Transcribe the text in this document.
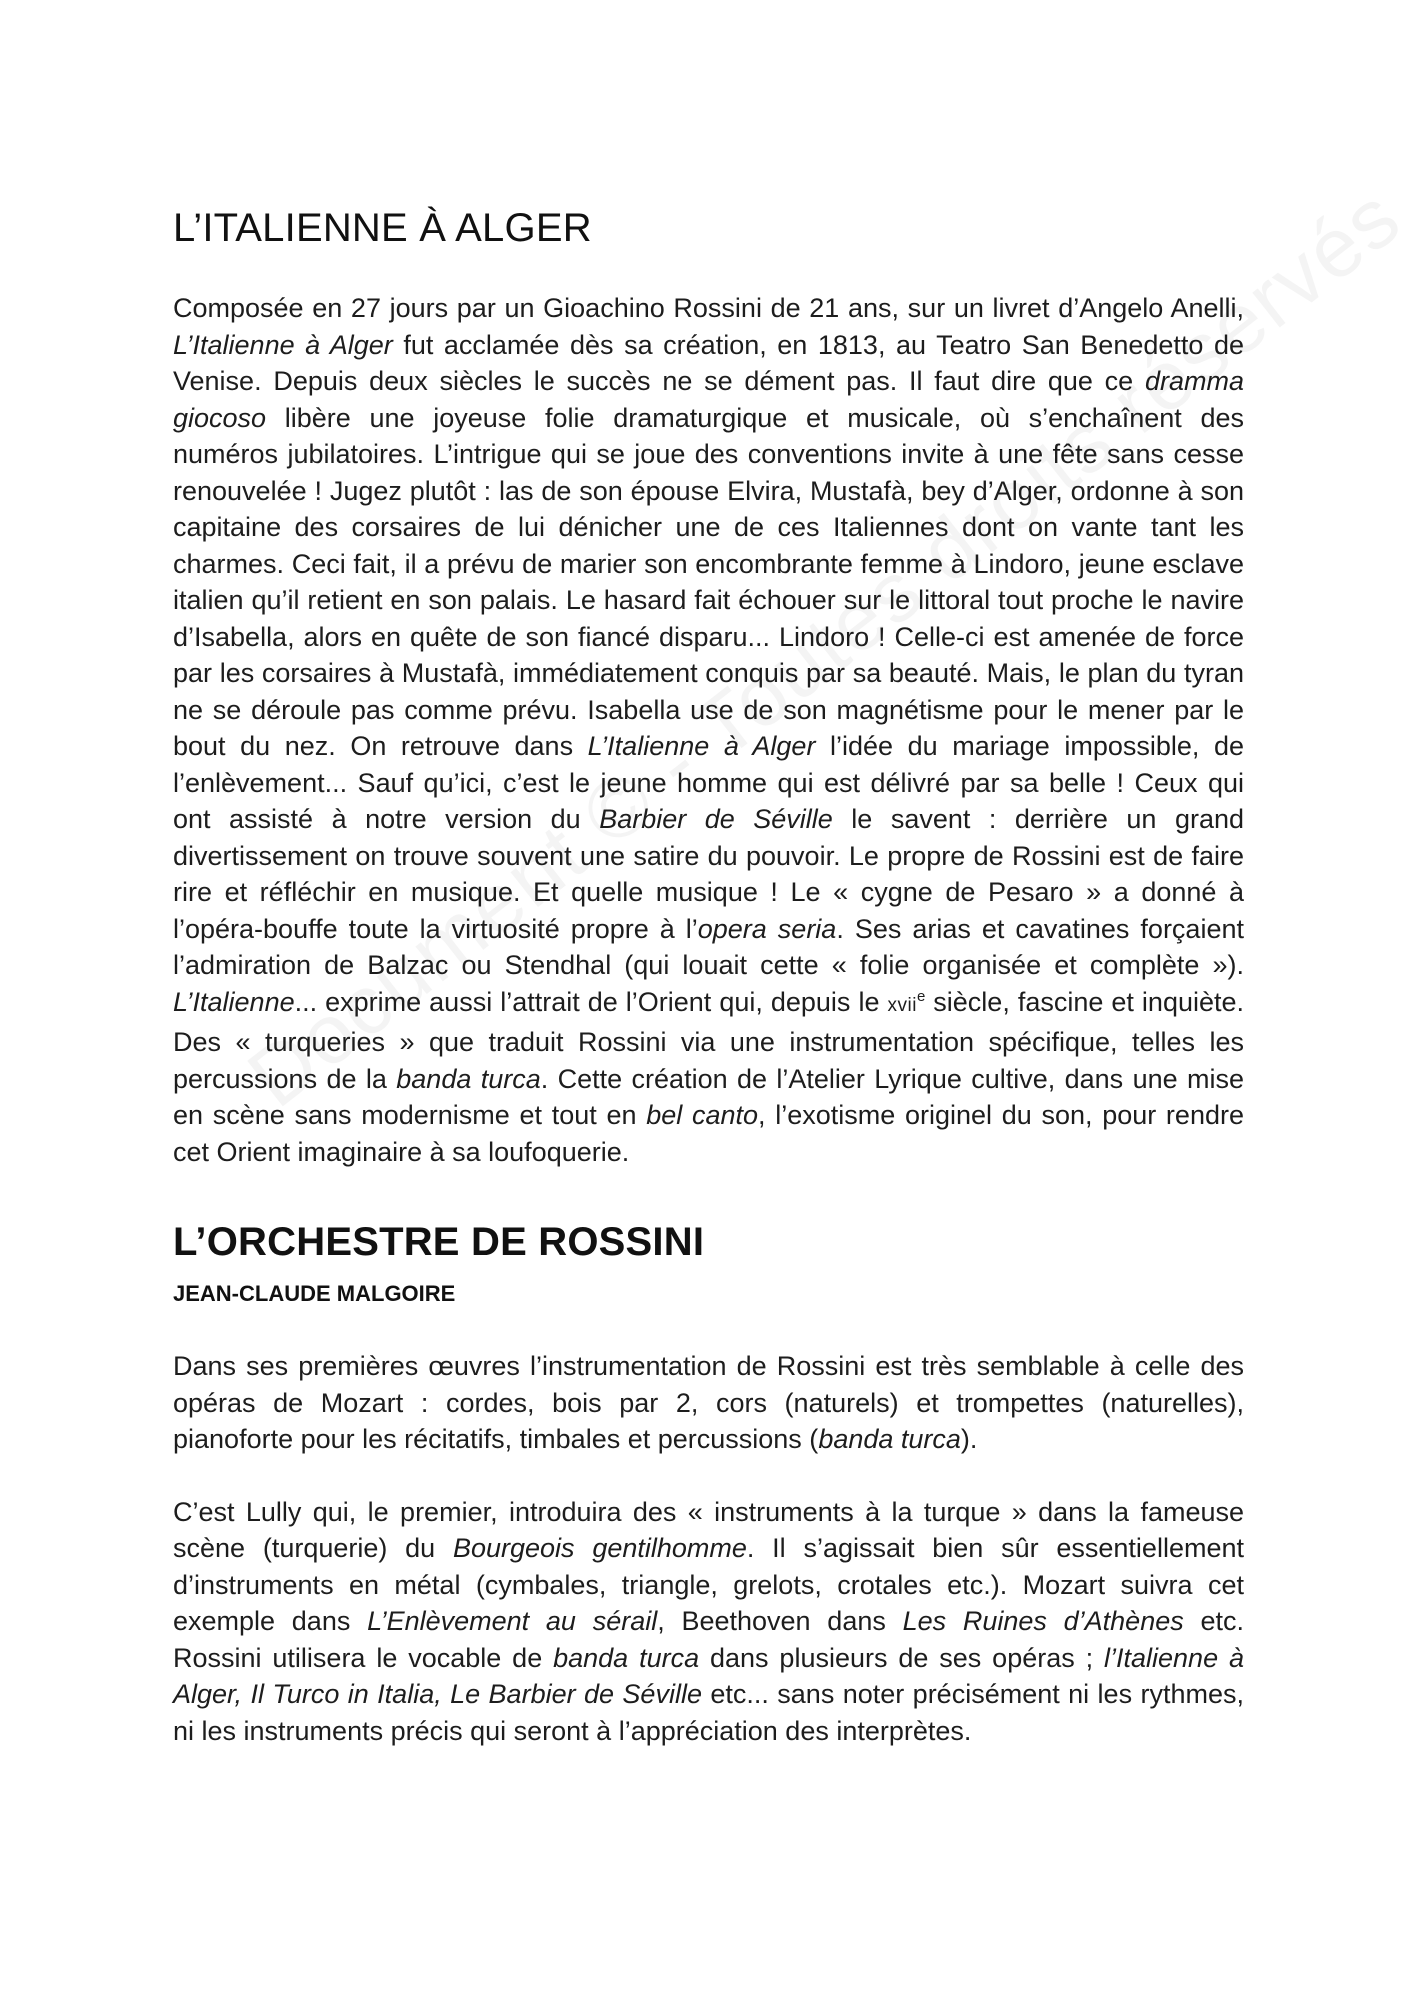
L’ITALIENNE À ALGER

Composée en 27 jours par un Gioachino Rossini de 21 ans, sur un livret d’Angelo Anelli, L’Italienne à Alger fut acclamée dès sa création, en 1813, au Teatro San Benedetto de Venise. Depuis deux siècles le succès ne se dément pas. Il faut dire que ce dramma giocoso libère une joyeuse folie dramaturgique et musicale, où s’enchaînent des numéros jubilatoires. L’intrigue qui se joue des conventions invite à une fête sans cesse renouvelée ! Jugez plutôt : las de son épouse Elvira, Mustafà, bey d’Alger, ordonne à son capitaine des corsaires de lui dénicher une de ces Italiennes dont on vante tant les charmes. Ceci fait, il a prévu de marier son encombrante femme à Lindoro, jeune esclave italien qu’il retient en son palais. Le hasard fait échouer sur le littoral tout proche le navire d’Isabella, alors en quête de son fiancé disparu... Lindoro ! Celle-ci est amenée de force par les corsaires à Mustafà, immédiatement conquis par sa beauté. Mais, le plan du tyran ne se déroule pas comme prévu. Isabella use de son magnétisme pour le mener par le bout du nez. On retrouve dans L’Italienne à Alger l’idée du mariage impossible, de l’enlèvement... Sauf qu’ici, c’est le jeune homme qui est délivré par sa belle ! Ceux qui ont assisté à notre version du Barbier de Séville le savent : derrière un grand divertissement on trouve souvent une satire du pouvoir. Le propre de Rossini est de faire rire et réfléchir en musique. Et quelle musique ! Le « cygne de Pesaro » a donné à l’opéra-bouffe toute la virtuosité propre à l’opera seria. Ses arias et cavatines forçaient l’admiration de Balzac ou Stendhal (qui louait cette « folie organisée et complète »). L’Italienne... exprime aussi l’attrait de l’Orient qui, depuis le xvii$^e$ siècle, fascine et inquiète. Des « turqueries » que traduit Rossini via une instrumentation spécifique, telles les percussions de la banda turca. Cette création de l’Atelier Lyrique cultive, dans une mise en scène sans modernisme et tout en bel canto, l’exotisme originel du son, pour rendre cet Orient imaginaire à sa loufoquerie.

L’ORCHESTRE DE ROSSINI
JEAN-CLAUDE MALGOIRE

Dans ses premières œuvres l’instrumentation de Rossini est très semblable à celle des opéras de Mozart : cordes, bois par 2, cors (naturels) et trompettes (naturelles), pianoforte pour les récitatifs, timbales et percussions (banda turca).

C’est Lully qui, le premier, introduira des « instruments à la turque » dans la fameuse scène (turquerie) du Bourgeois gentilhomme. Il s’agissait bien sûr essentiellement d’instruments en métal (cymbales, triangle, grelots, crotales etc.). Mozart suivra cet exemple dans L’Enlèvement au sérail, Beethoven dans Les Ruines d’Athènes etc. Rossini utilisera le vocable de banda turca dans plusieurs de ses opéras ; l’Italienne à Alger, Il Turco in Italia, Le Barbier de Séville etc... sans noter précisément ni les rythmes, ni les instruments précis qui seront à l’appréciation des interprètes.
